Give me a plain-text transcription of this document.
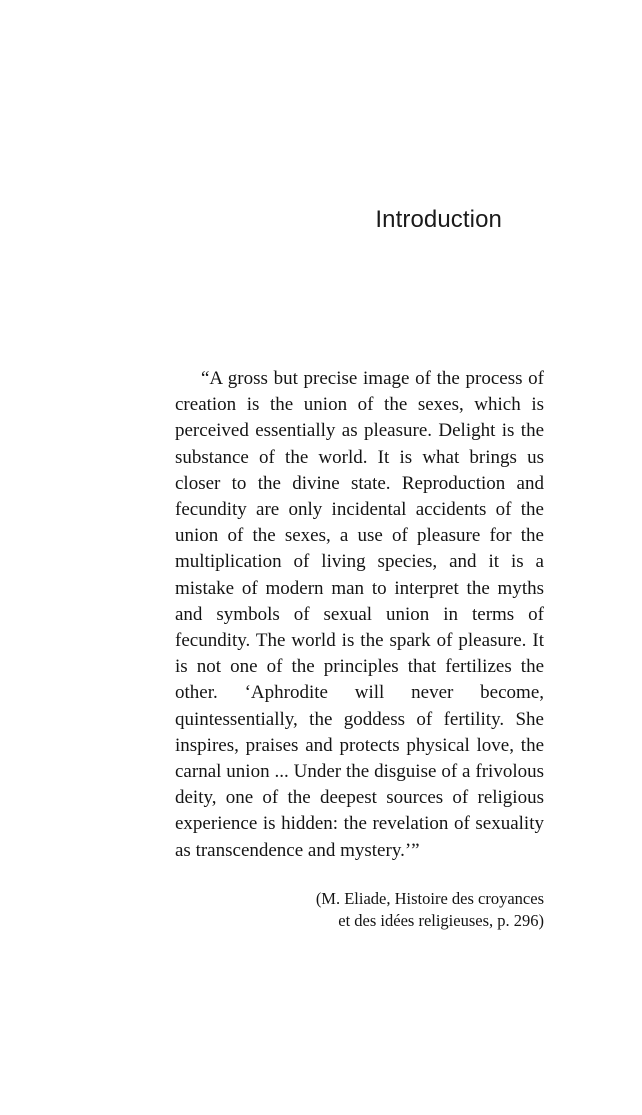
Introduction

“A gross but precise image of the process of creation is the union of the sexes, which is perceived essentially as pleasure. Delight is the substance of the world. It is what brings us closer to the divine state. Reproduction and fecundity are only incidental accidents of the union of the sexes, a use of pleasure for the multiplication of living species, and it is a mistake of modern man to interpret the myths and symbols of sexual union in terms of fecundity. The world is the spark of pleasure. It is not one of the principles that fertilizes the other. ‘Aphrodite will never become, quintessentially, the goddess of fertility. She inspires, praises and protects physical love, the carnal union ... Under the disguise of a frivolous deity, one of the deepest sources of religious experience is hidden: the revelation of sexuality as transcendence and mystery.’”

(M. Eliade, Histoire des croyances
et des idées religieuses, p. 296)
